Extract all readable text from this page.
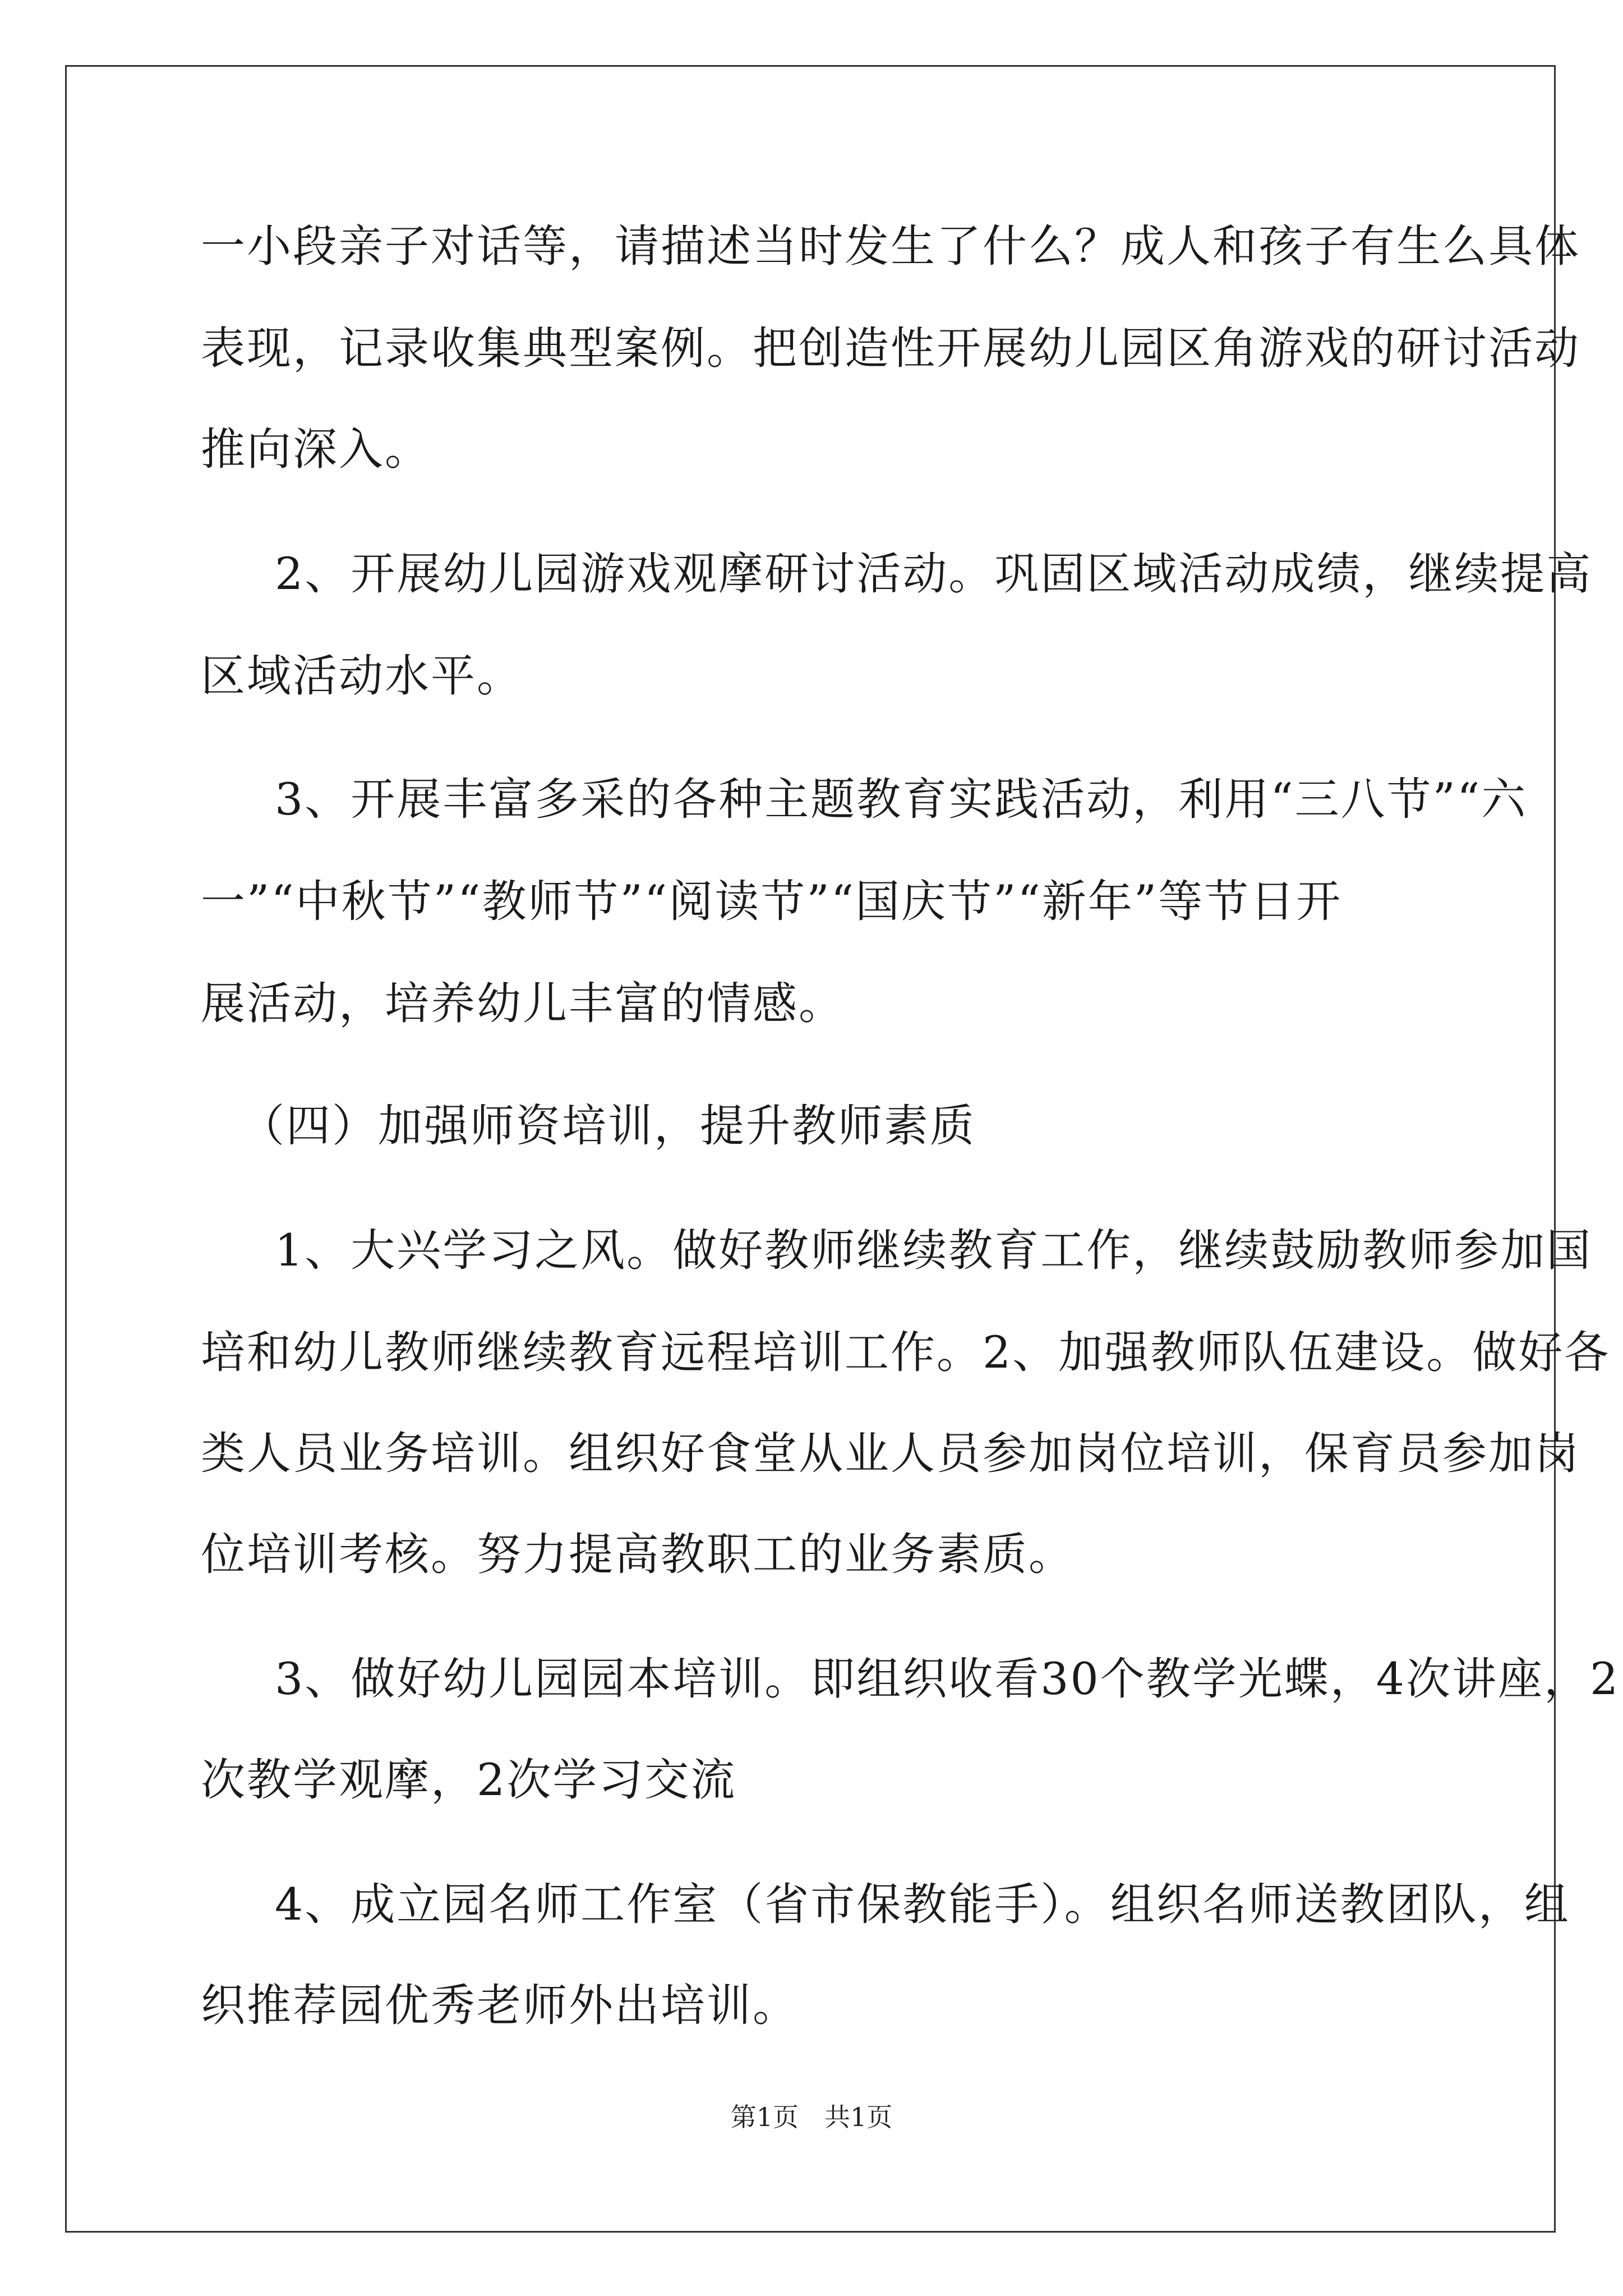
一小段亲子对话等，请描述当时发生了什么？成人和孩子有生么具体
表现，记录收集典型案例。把创造性开展幼儿园区角游戏的研讨活动
推向深入。
2、开展幼儿园游戏观摩研讨活动。巩固区域活动成绩，继续提高
区域活动水平。
3、开展丰富多采的各种主题教育实践活动，利用“三八节”“六
一”“中秋节”“教师节”“阅读节”“国庆节”“新年”等节日开
展活动，培养幼儿丰富的情感。
（四）加强师资培训，提升教师素质
1、大兴学习之风。做好教师继续教育工作，继续鼓励教师参加国
培和幼儿教师继续教育远程培训工作。2、加强教师队伍建设。做好各
类人员业务培训。组织好食堂从业人员参加岗位培训，保育员参加岗
位培训考核。努力提高教职工的业务素质。
3、做好幼儿园园本培训。即组织收看30个教学光蝶，4次讲座，2
次教学观摩，2次学习交流
4、成立园名师工作室（省市保教能手）。组织名师送教团队，组
织推荐园优秀老师外出培训。
第1页　共1页
